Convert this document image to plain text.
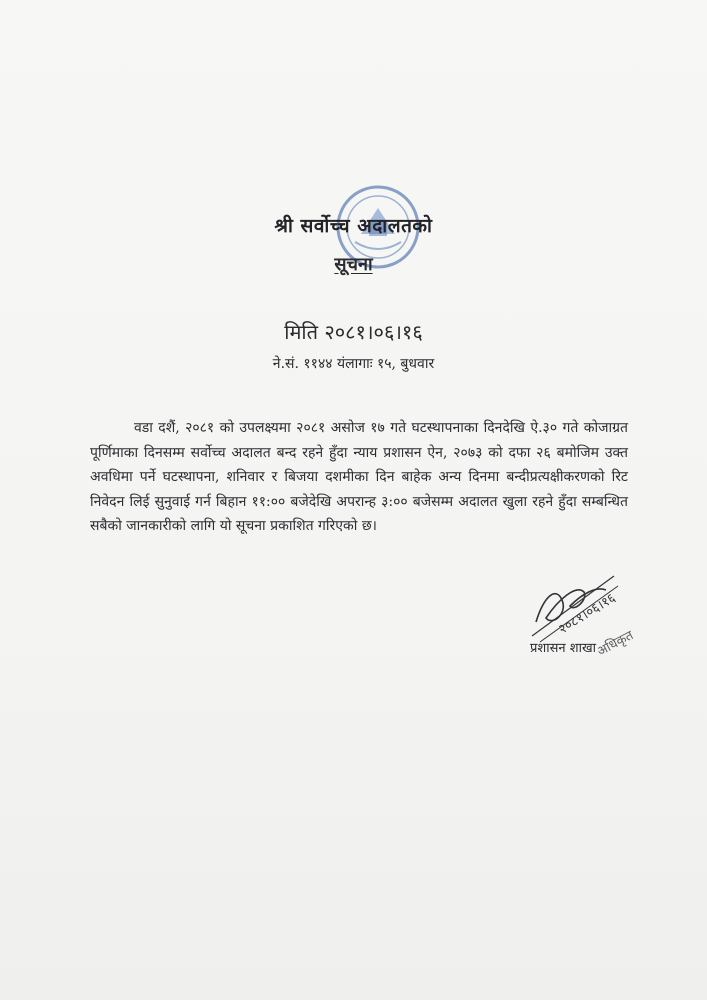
श्री सर्वोच्च अदालतको
सूचना
मिति २०८१।०६।१६
ने.सं. ११४४ यंलागाः १५, बुधवार

वडा दशैं, २०८१ को उपलक्ष्यमा २०८१ असोज १७ गते घटस्थापनाका दिनदेखि ऐ.३० गते कोजाग्रत पूर्णिमाका दिनसम्म सर्वोच्च अदालत बन्द रहने हुँदा न्याय प्रशासन ऐन, २०७३ को दफा २६ बमोजिम उक्त अवधिमा पर्ने घटस्थापना, शनिवार र बिजया दशमीका दिन बाहेक अन्य दिनमा बन्दीप्रत्यक्षीकरणको रिट निवेदन लिई सुनुवाई गर्न बिहान ११:०० बजेदेखि अपरान्ह ३:०० बजेसम्म अदालत खुला रहने हुँदा सम्बन्धित सबैको जानकारीको लागि यो सूचना प्रकाशित गरिएको छ।

२०८१।०६।१६
प्रशासन शाखा
अधिकृत
